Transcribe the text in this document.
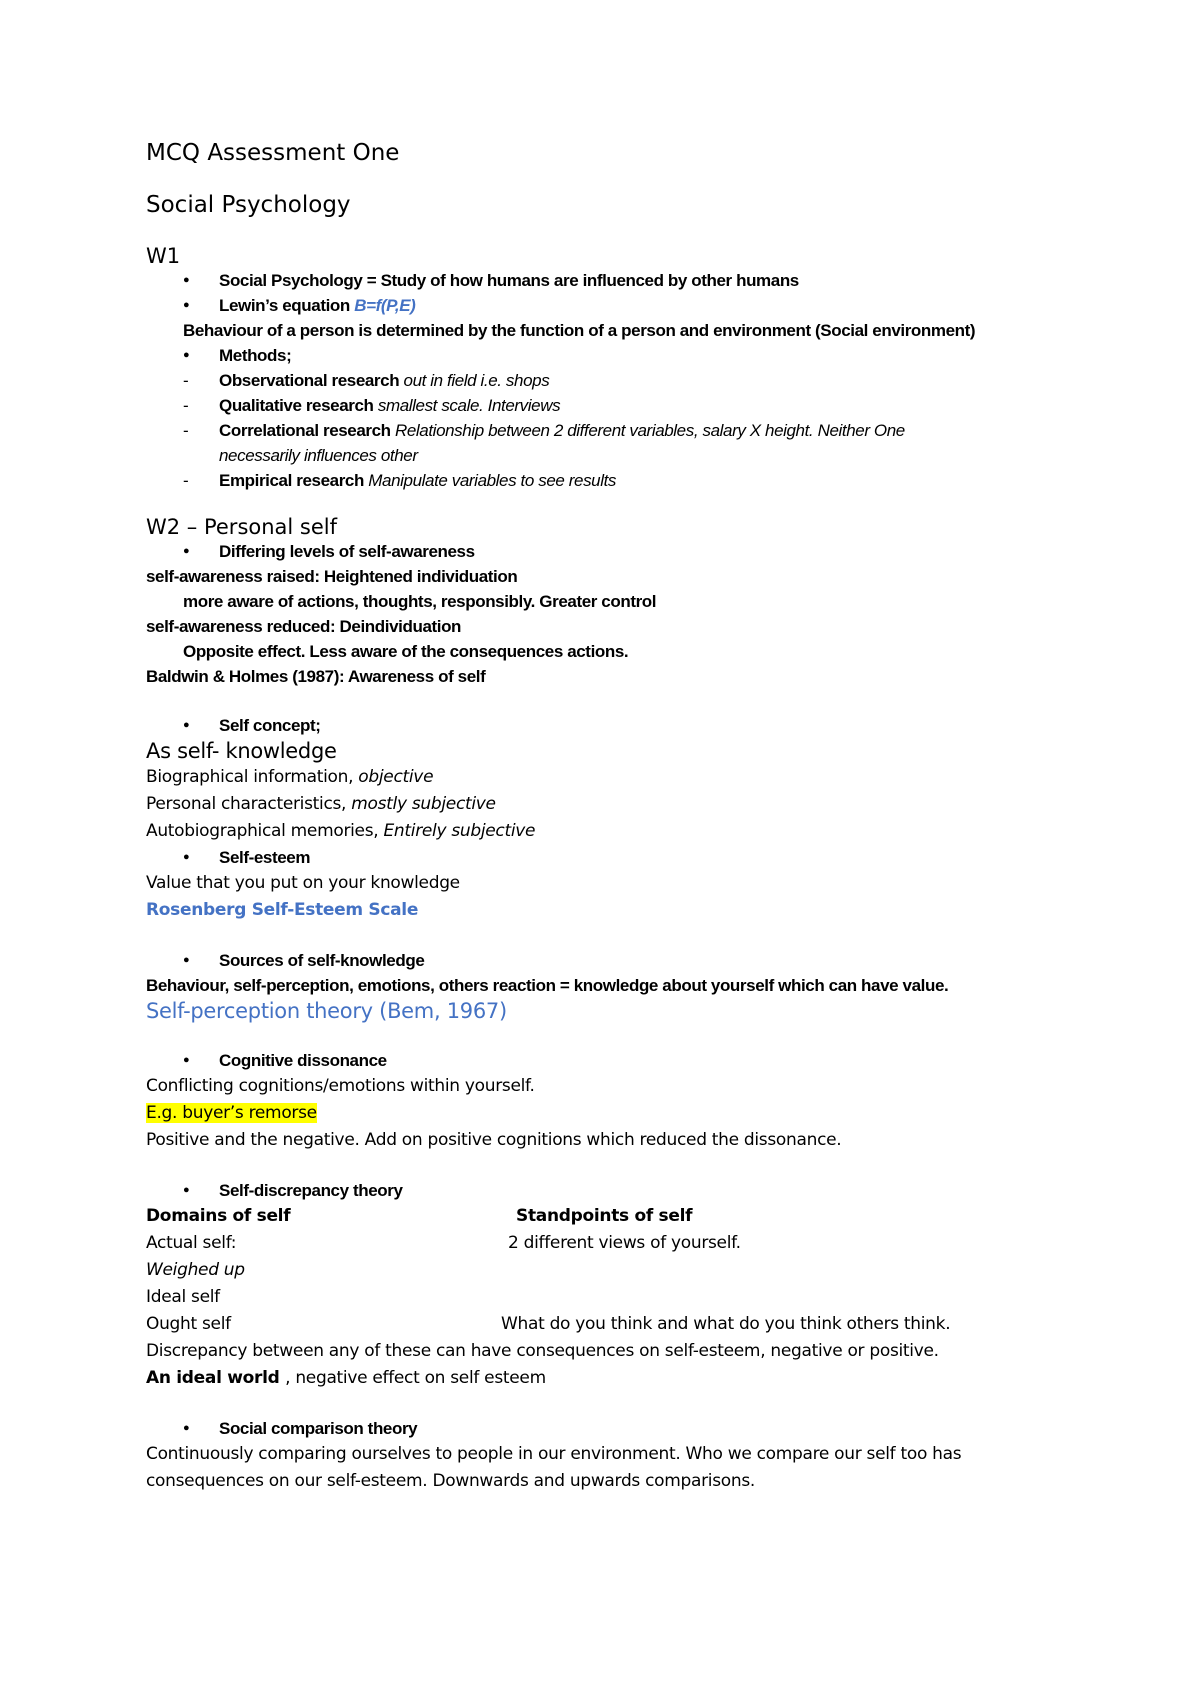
MCQ Assessment One
Social Psychology
W1
● Social Psychology = Study of how humans are influenced by other humans
● Lewin’s equation B=f(P,E)
Behaviour of a person is determined by the function of a person and environment (Social environment)
● Methods;
- Observational research out in field i.e. shops
- Qualitative research smallest scale. Interviews
- Correlational research Relationship between 2 different variables, salary X height. Neither One
necessarily influences other
- Empirical research Manipulate variables to see results
W2 – Personal self
● Differing levels of self-awareness
self-awareness raised: Heightened individuation
more aware of actions, thoughts, responsibly. Greater control
self-awareness reduced: Deindividuation
Opposite effect. Less aware of the consequences actions.
Baldwin & Holmes (1987): Awareness of self
● Self concept;
As self- knowledge
Biographical information, objective
Personal characteristics, mostly subjective
Autobiographical memories, Entirely subjective
● Self-esteem
Value that you put on your knowledge
Rosenberg Self-Esteem Scale
● Sources of self-knowledge
Behaviour, self-perception, emotions, others reaction = knowledge about yourself which can have value.
Self-perception theory (Bem, 1967)
● Cognitive dissonance
Conflicting cognitions/emotions within yourself.
E.g. buyer’s remorse
Positive and the negative. Add on positive cognitions which reduced the dissonance.
● Self-discrepancy theory
Domains of self	Standpoints of self
Actual self:	2 different views of yourself.
Weighed up
Ideal self
Ought self	What do you think and what do you think others think.
Discrepancy between any of these can have consequences on self-esteem, negative or positive.
An ideal world , negative effect on self esteem
● Social comparison theory
Continuously comparing ourselves to people in our environment. Who we compare our self too has
consequences on our self-esteem. Downwards and upwards comparisons.
